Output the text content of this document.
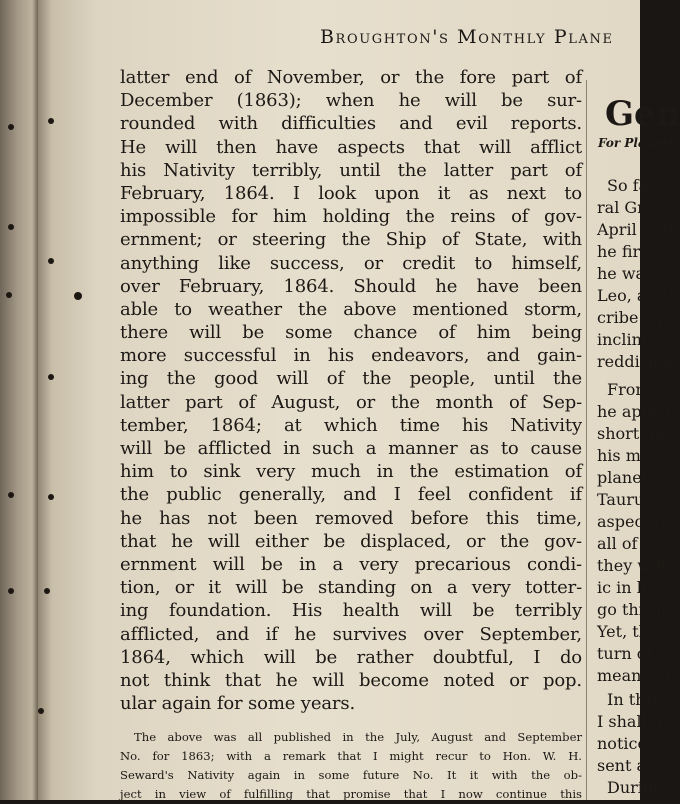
Broughton's Monthly Plane
latter end of November, or the fore part of
December (1863); when he will be sur-
rounded with difficulties and evil reports.
He will then have aspects that will afflict
his Nativity terribly, until the latter part of
February, 1864. I look upon it as next to
impossible for him holding the reins of gov-
ernment; or steering the Ship of State, with
anything like success, or credit to himself,
over February, 1864. Should he have been
able to weather the above mentioned storm,
there will be some chance of him being
more successful in his endeavors, and gain-
ing the good will of the people, until the
latter part of August, or the month of Sep-
tember, 1864; at which time his Nativity
will be afflicted in such a manner as to cause
him to sink very much in the estimation of
the public generally, and I feel confident if
he has not been removed before this time,
that he will either be displaced, or the gov-
ernment will be in a very precarious condi-
tion, or it will be standing on a very totter-
ing foundation. His health will be terribly
afflicted, and if he survives over September,
1864, which will be rather doubtful, I do
not think that he will become noted or pop.
ular again for some years.
The above was all published in the July, August and September
No. for 1863; with a remark that I might recur to Hon. W. H.
Seward's Nativity again in some future No. It it with the ob-
ject in view of fulfilling that promise that I now continue this
Gen
For Planets
So far s
ral Grant
April 27th
he first sa
he was b
Leo, and
cribe a pe
inclined t
reddish b
From th
he appear
short, he
his mark
planets a
Taurus ;
aspect to
all of whi
they will
ic in his
go throu
Yet, they
turn of
mean act
In this
I shall n
notice a
sent and
During
